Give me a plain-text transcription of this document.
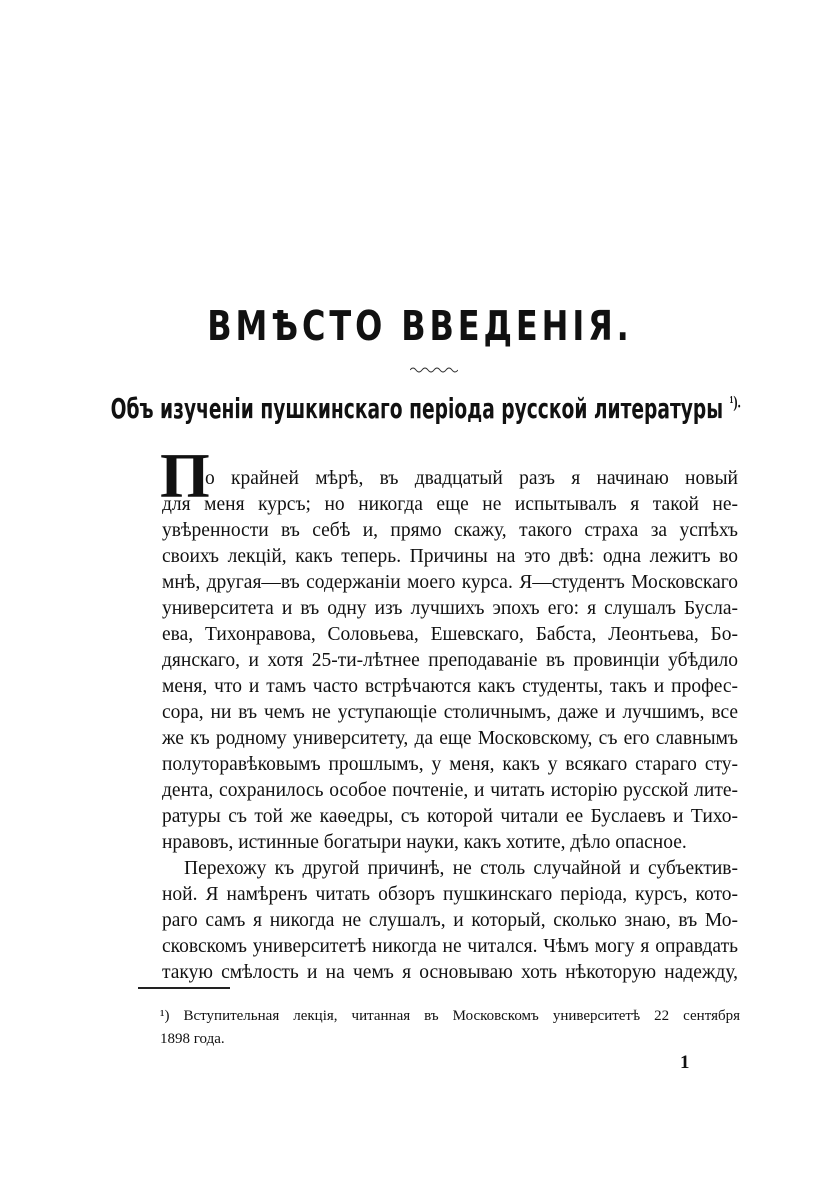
ВМѢСТО ВВЕДЕНІЯ.
Объ изученіи пушкинскаго періода русской литературы $^{^1).}$
П
о крайней мѣрѣ, въ двадцатый разъ я начинаю новый
для меня курсъ; но никогда еще не испытывалъ я такой не-
увѣренности въ себѣ и, прямо скажу, такого страха за успѣхъ
своихъ лекцій, какъ теперь. Причины на это двѣ: одна лежитъ во
мнѣ, другая—въ содержаніи моего курса. Я—студентъ Московскаго
университета и въ одну изъ лучшихъ эпохъ его: я слушалъ Бусла-
ева, Тихонравова, Соловьева, Ешевскаго, Бабста, Леонтьева, Бо-
дянскаго, и хотя 25-ти-лѣтнее преподаваніе въ провинціи убѣдило
меня, что и тамъ часто встрѣчаются какъ студенты, такъ и профес-
сора, ни въ чемъ не уступающіе столичнымъ, даже и лучшимъ, все
же къ родному университету, да еще Московскому, съ его славнымъ
полуторавѣковымъ прошлымъ, у меня, какъ у всякаго стараго сту-
дента, сохранилось особое почтеніе, и читать исторію русской лите-
ратуры съ той же каѳедры, съ которой читали ее Буслаевъ и Тихо-
нравовъ, истинные богатыри науки, какъ хотите, дѣло опасное.
Перехожу къ другой причинѣ, не столь случайной и субъектив-
ной. Я намѣренъ читать обзоръ пушкинскаго періода, курсъ, кото-
раго самъ я никогда не слушалъ, и который, сколько знаю, въ Мо-
сковскомъ университетѣ никогда не читался. Чѣмъ могу я оправдать
такую смѣлость и на чемъ я основываю хоть нѣкоторую надежду,
¹) Вступительная лекція, читанная въ Московскомъ университетѣ 22 сентября
1898 года.
1
